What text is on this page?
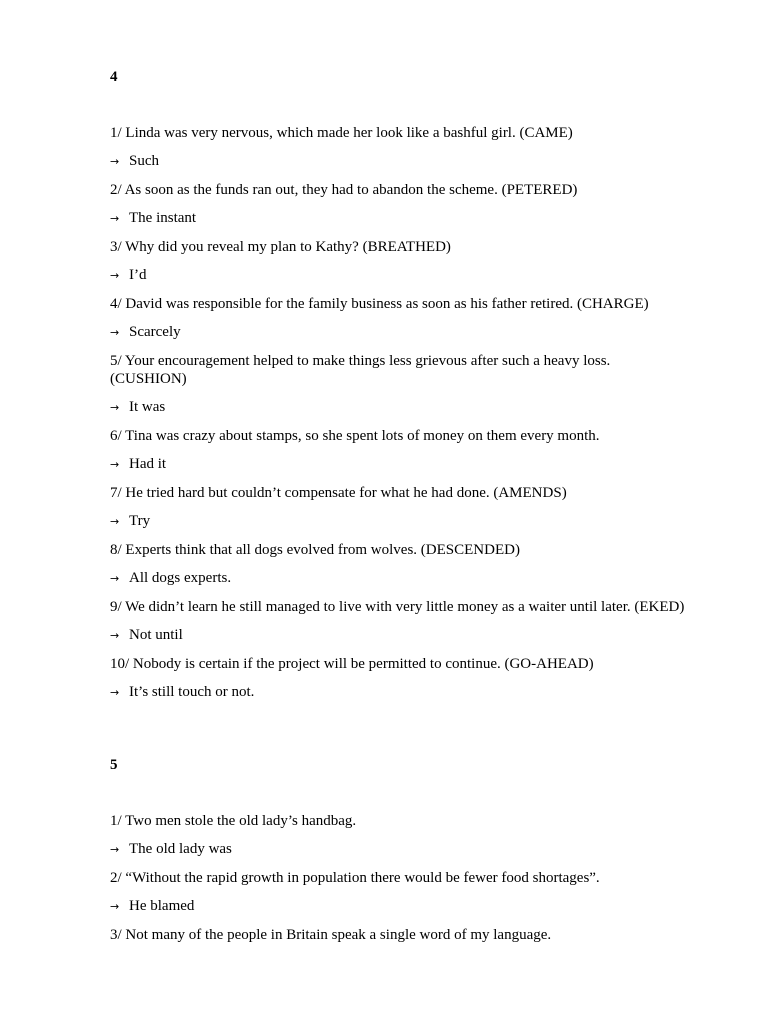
4

1/ Linda was very nervous, which made her look like a bashful girl. (CAME)

→ Such

2/ As soon as the funds ran out, they had to abandon the scheme. (PETERED)

→ The instant

3/ Why did you reveal my plan to Kathy? (BREATHED)

→ I’d

4/ David was responsible for the family business as soon as his father retired. (CHARGE)

→ Scarcely

5/ Your encouragement helped to make things less grievous after such a heavy loss. (CUSHION)

→ It was

6/ Tina was crazy about stamps, so she spent lots of money on them every month.

→ Had it

7/ He tried hard but couldn’t compensate for what he had done. (AMENDS)

→ Try

8/ Experts think that all dogs evolved from wolves. (DESCENDED)

→ All dogs experts.

9/ We didn’t learn he still managed to live with very little money as a waiter until later. (EKED)

→ Not until

10/ Nobody is certain if the project will be permitted to continue. (GO-AHEAD)

→ It’s still touch or not.

5

1/ Two men stole the old lady’s handbag.

→ The old lady was

2/ “Without the rapid growth in population there would be fewer food shortages”.

→ He blamed

3/ Not many of the people in Britain speak a single word of my language.
